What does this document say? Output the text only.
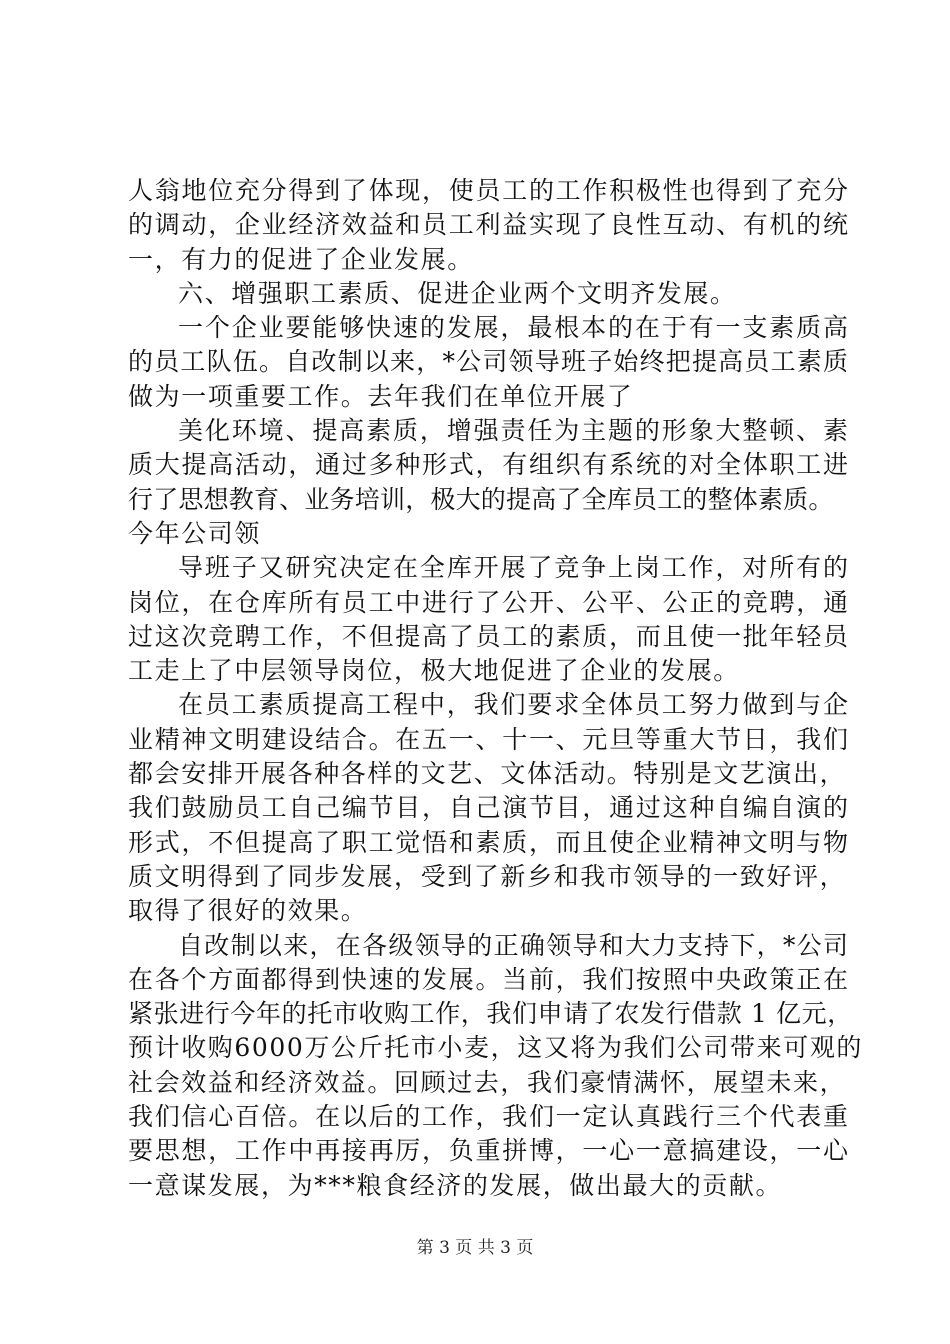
人翁地位充分得到了体现，使员工的工作积极性也得到了充分
的调动，企业经济效益和员工利益实现了良性互动、有机的统
一，有力的促进了企业发展。
六、增强职工素质、促进企业两个文明齐发展。
一个企业要能够快速的发展，最根本的在于有一支素质高
的员工队伍。自改制以来，*公司领导班子始终把提高员工素质
做为一项重要工作。去年我们在单位开展了
美化环境、提高素质，增强责任为主题的形象大整顿、素
质大提高活动，通过多种形式，有组织有系统的对全体职工进
行了思想教育、业务培训，极大的提高了全库员工的整体素质。
今年公司领
导班子又研究决定在全库开展了竞争上岗工作，对所有的
岗位，在仓库所有员工中进行了公开、公平、公正的竞聘，通
过这次竞聘工作，不但提高了员工的素质，而且使一批年轻员
工走上了中层领导岗位，极大地促进了企业的发展。
在员工素质提高工程中，我们要求全体员工努力做到与企
业精神文明建设结合。在五一、十一、元旦等重大节日，我们
都会安排开展各种各样的文艺、文体活动。特别是文艺演出，
我们鼓励员工自己编节目，自己演节目，通过这种自编自演的
形式，不但提高了职工觉悟和素质，而且使企业精神文明与物
质文明得到了同步发展，受到了新乡和我市领导的一致好评，
取得了很好的效果。
自改制以来，在各级领导的正确领导和大力支持下，*公司
在各个方面都得到快速的发展。当前，我们按照中央政策正在
紧张进行今年的托市收购工作，我们申请了农发行借款 1 亿元，
预计收购6000万公斤托市小麦，这又将为我们公司带来可观的
社会效益和经济效益。回顾过去，我们豪情满怀，展望未来，
我们信心百倍。在以后的工作，我们一定认真践行三个代表重
要思想，工作中再接再厉，负重拼博，一心一意搞建设，一心
一意谋发展，为***粮食经济的发展，做出最大的贡献。
第 3 页 共 3 页
